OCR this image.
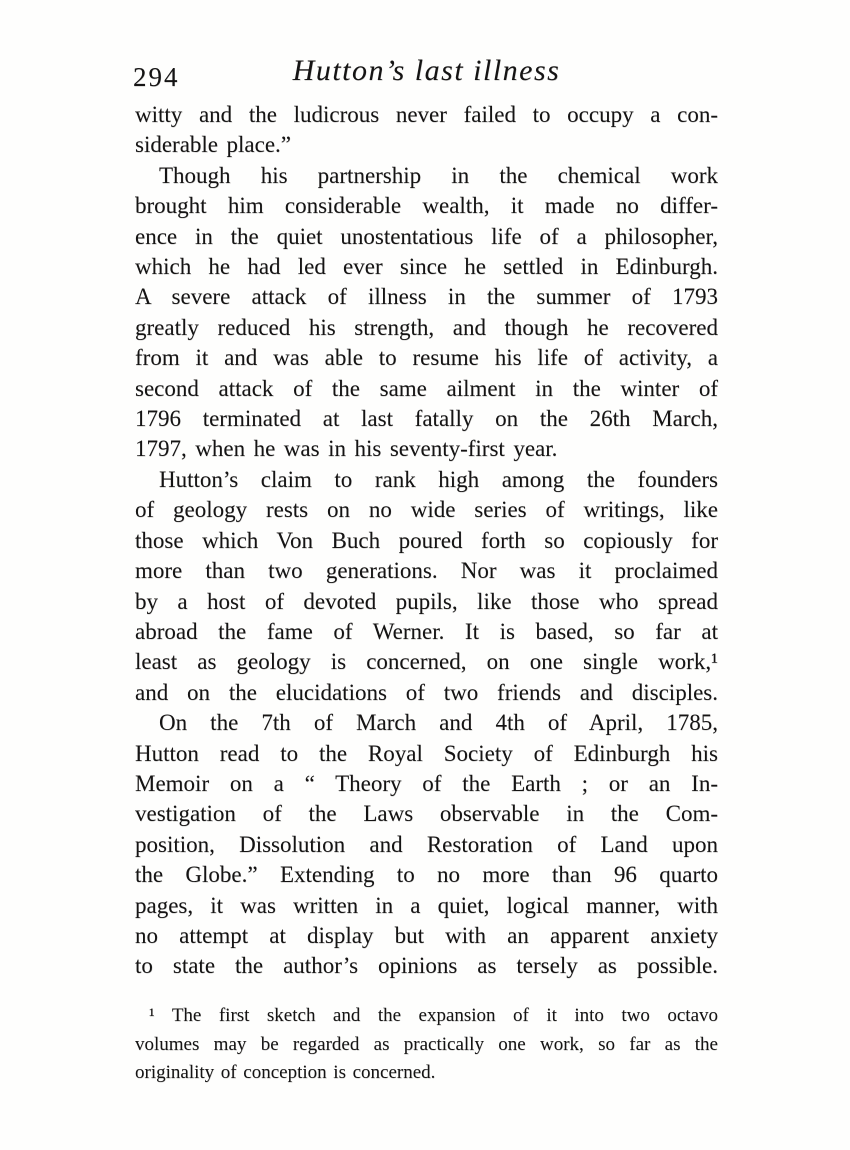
294	Hutton’s last illness

witty and the ludicrous never failed to occupy a con-
siderable place.”

Though his partnership in the chemical work
brought him considerable wealth, it made no differ-
ence in the quiet unostentatious life of a philosopher,
which he had led ever since he settled in Edinburgh.
A severe attack of illness in the summer of 1793
greatly reduced his strength, and though he recovered
from it and was able to resume his life of activity, a
second attack of the same ailment in the winter of
1796 terminated at last fatally on the 26th March,
1797, when he was in his seventy-first year.

Hutton’s claim to rank high among the founders
of geology rests on no wide series of writings, like
those which Von Buch poured forth so copiously for
more than two generations. Nor was it proclaimed
by a host of devoted pupils, like those who spread
abroad the fame of Werner. It is based, so far at
least as geology is concerned, on one single work,¹
and on the elucidations of two friends and disciples.

On the 7th of March and 4th of April, 1785,
Hutton read to the Royal Society of Edinburgh his
Memoir on a “ Theory of the Earth ; or an In-
vestigation of the Laws observable in the Com-
position, Dissolution and Restoration of Land upon
the Globe.” Extending to no more than 96 quarto
pages, it was written in a quiet, logical manner, with
no attempt at display but with an apparent anxiety
to state the author’s opinions as tersely as possible.

¹ The first sketch and the expansion of it into two octavo
volumes may be regarded as practically one work, so far as the
originality of conception is concerned.
